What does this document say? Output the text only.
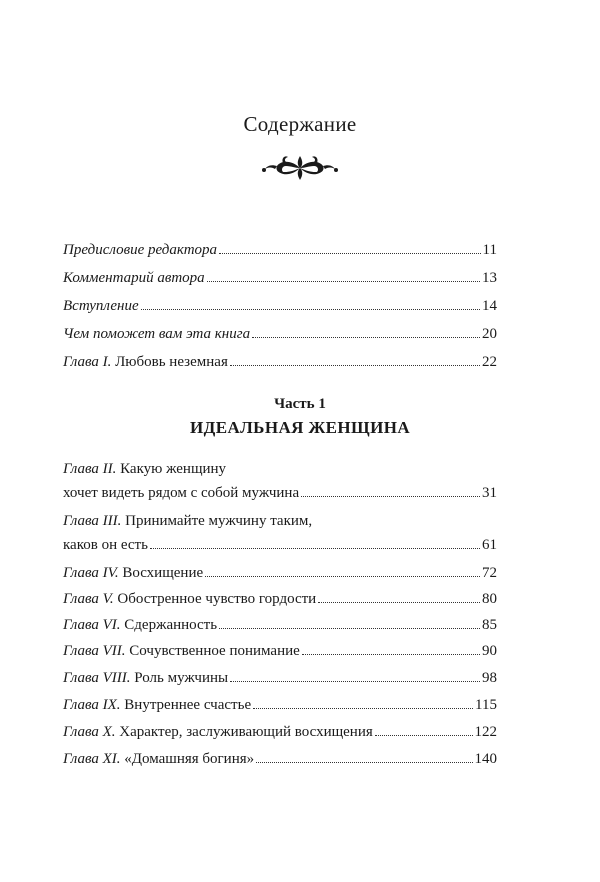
Содержание
Предисловие редактора	11
Комментарий автора	13
Вступление	14
Чем поможет вам эта книга	20
Глава I. Любовь неземная	22
Часть 1
ИДЕАЛЬНАЯ ЖЕНЩИНА
Глава II. Какую женщину
хочет видеть рядом с собой мужчина	31
Глава III. Принимайте мужчину таким,
каков он есть	61
Глава IV. Восхищение	72
Глава V. Обостренное чувство гордости	80
Глава VI. Сдержанность	85
Глава VII. Сочувственное понимание	90
Глава VIII. Роль мужчины	98
Глава IX. Внутреннее счастье	115
Глава X. Характер, заслуживающий восхищения	122
Глава XI. «Домашняя богиня»	140
